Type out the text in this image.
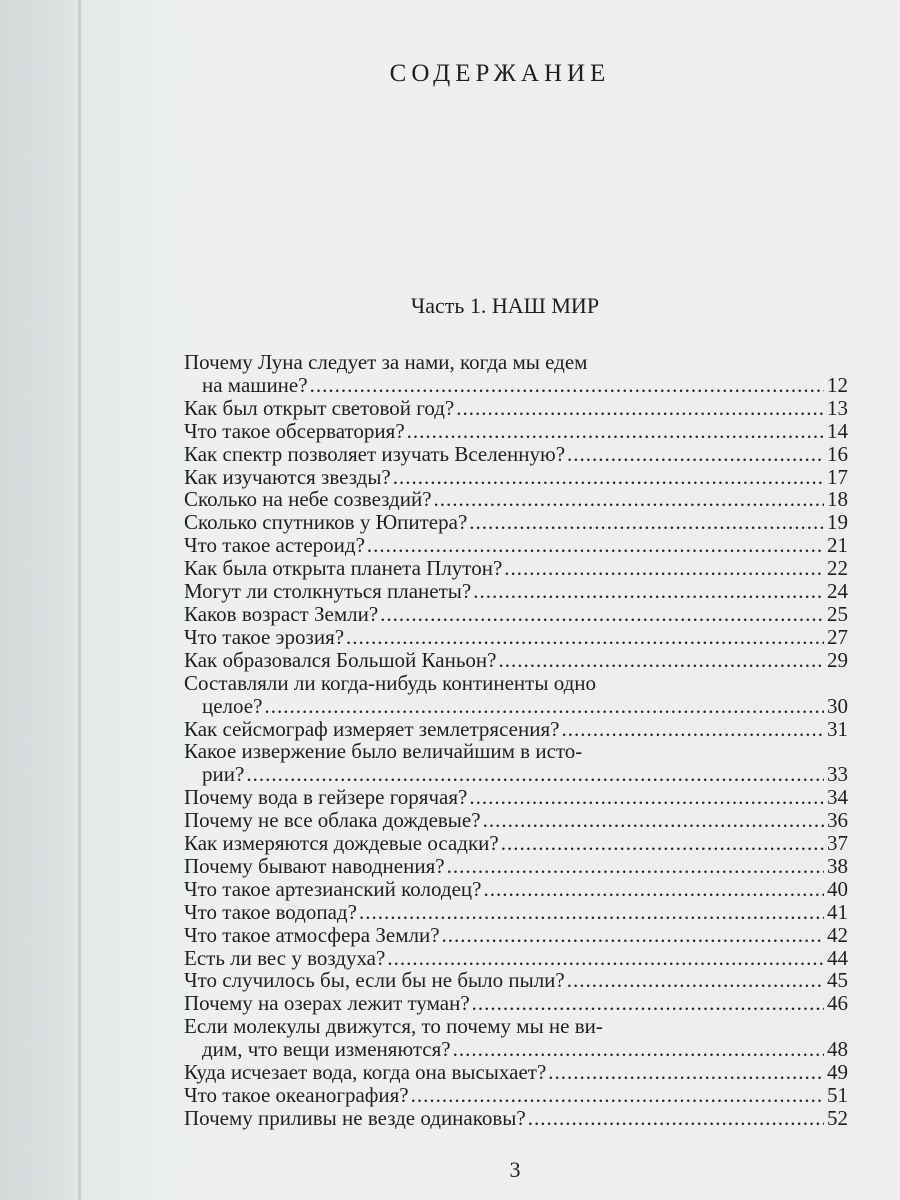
СОДЕРЖАНИЕ
Часть 1. НАШ МИР
Почему Луна следует за нами, когда мы едем
на машине? .....	12
Как был открыт световой год? .....	13
Что такое обсерватория? .....	14
Как спектр позволяет изучать Вселенную? .....	16
Как изучаются звезды? .....	17
Сколько на небе созвездий? .....	18
Сколько спутников у Юпитера? .....	19
Что такое астероид? .....	21
Как была открыта планета Плутон? .....	22
Могут ли столкнуться планеты? .....	24
Каков возраст Земли? .....	25
Что такое эрозия? .....	27
Как образовался Большой Каньон? .....	29
Составляли ли когда-нибудь континенты одно
целое? .....	30
Как сейсмограф измеряет землетрясения? .....	31
Какое извержение было величайшим в исто-
рии? .....	33
Почему вода в гейзере горячая? .....	34
Почему не все облака дождевые? .....	36
Как измеряются дождевые осадки? .....	37
Почему бывают наводнения? .....	38
Что такое артезианский колодец? .....	40
Что такое водопад? .....	41
Что такое атмосфера Земли? .....	42
Есть ли вес у воздуха? .....	44
Что случилось бы, если бы не было пыли? .....	45
Почему на озерах лежит туман? .....	46
Если молекулы движутся, то почему мы не ви-
дим, что вещи изменяются? .....	48
Куда исчезает вода, когда она высыхает? .....	49
Что такое океанография? .....	51
Почему приливы не везде одинаковы? .....	52
3
